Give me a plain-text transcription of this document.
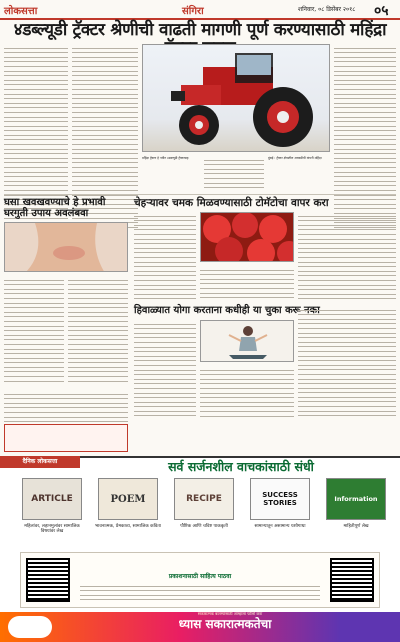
लोकसत्ता	संगिरा	शनिवार, ०८ डिसेंबर २०१८ ०५
४डब्ल्यूडी ट्रॅक्टर श्रेणीची वाढती मागणी पूर्ण करण्यासाठी महिंद्रा
महिंद्रा ट्रॅक्टर हे नवीन ४डब्ल्यूडी ट्रॅक्टरसह	मुंबई : ट्रॅक्टर क्षेत्रातील आघाडीची कंपनी महिंद्रा
घसा खवखवण्याचे हे प्रभावी घरगुती उपाय अवलंबवा
चेहऱ्यावर चमक मिळवण्यासाठी टोमॅटोचा वापर करा
हिवाळ्यात योगा करताना कधीही या चुका करू नका
दैनिक लोकसत्ता	सर्व सर्जनशील वाचकांसाठी संधी
ARTICLE	POEM	RECIPE	SUCCESS STORIES	Information
महिलांवर, लहानमुलांवर सामाजिक विषयांवर लेख
भावनात्मक, प्रेमकाव्य, सामाजिक कविता	पौष्टिक आणि चविष्ट पाककृती	सामान्यातून असामान्य यशोगाथा	माहितीपूर्ण लेख
प्रकाशनासाठी साहित्य पाठवा
सकारात्मक बातम्यांसाठी आम्हाला फॉलो करा
ध्यास सकारात्मकतेचा
